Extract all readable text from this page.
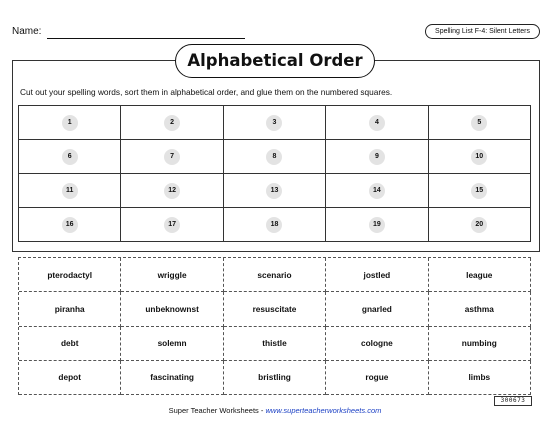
Name:	Spelling List F-4: Silent Letters
Alphabetical Order
Cut out your spelling words, sort them in alphabetical order, and glue them on the numbered squares.
1	2	3	4	5
6	7	8	9	10
11	12	13	14	15
16	17	18	19	20
pterodactyl	wriggle	scenario	jostled	league
piranha	unbeknownst	resuscitate	gnarled	asthma
debt	solemn	thistle	cologne	numbing
depot	fascinating	bristling	rogue	limbs
Super Teacher Worksheets - www.superteacherworksheets.com
300673
